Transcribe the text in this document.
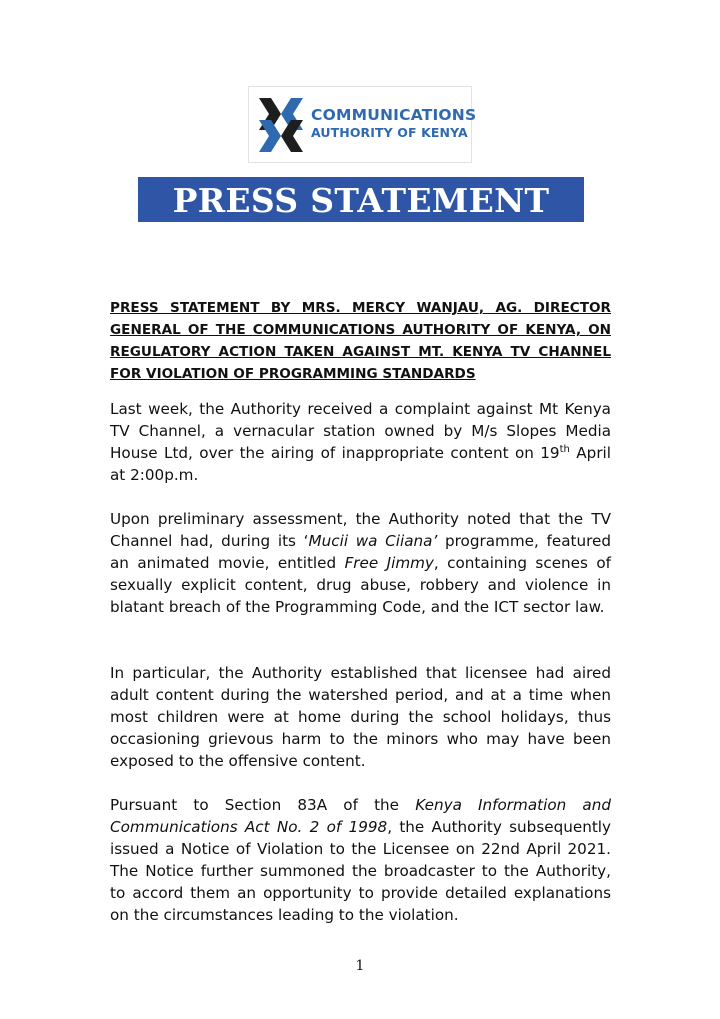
COMMUNICATIONS
AUTHORITY OF KENYA
PRESS STATEMENT

PRESS STATEMENT BY MRS. MERCY WANJAU, AG. DIRECTOR GENERAL OF THE COMMUNICATIONS AUTHORITY OF KENYA, ON REGULATORY ACTION TAKEN AGAINST MT. KENYA TV CHANNEL FOR VIOLATION OF PROGRAMMING STANDARDS

Last week, the Authority received a complaint against Mt Kenya TV Channel, a vernacular station owned by M/s Slopes Media House Ltd, over the airing of inappropriate content on 19th April at 2:00p.m.

Upon preliminary assessment, the Authority noted that the TV Channel had, during its ‘Mucii wa Ciiana’ programme, featured an animated movie, entitled Free Jimmy, containing scenes of sexually explicit content, drug abuse, robbery and violence in blatant breach of the Programming Code, and the ICT sector law.

In particular, the Authority established that licensee had aired adult content during the watershed period, and at a time when most children were at home during the school holidays, thus occasioning grievous harm to the minors who may have been exposed to the offensive content.

Pursuant to Section 83A of the Kenya Information and Communications Act No. 2 of 1998, the Authority subsequently issued a Notice of Violation to the Licensee on 22nd April 2021. The Notice further summoned the broadcaster to the Authority, to accord them an opportunity to provide detailed explanations on the circumstances leading to the violation.

1
